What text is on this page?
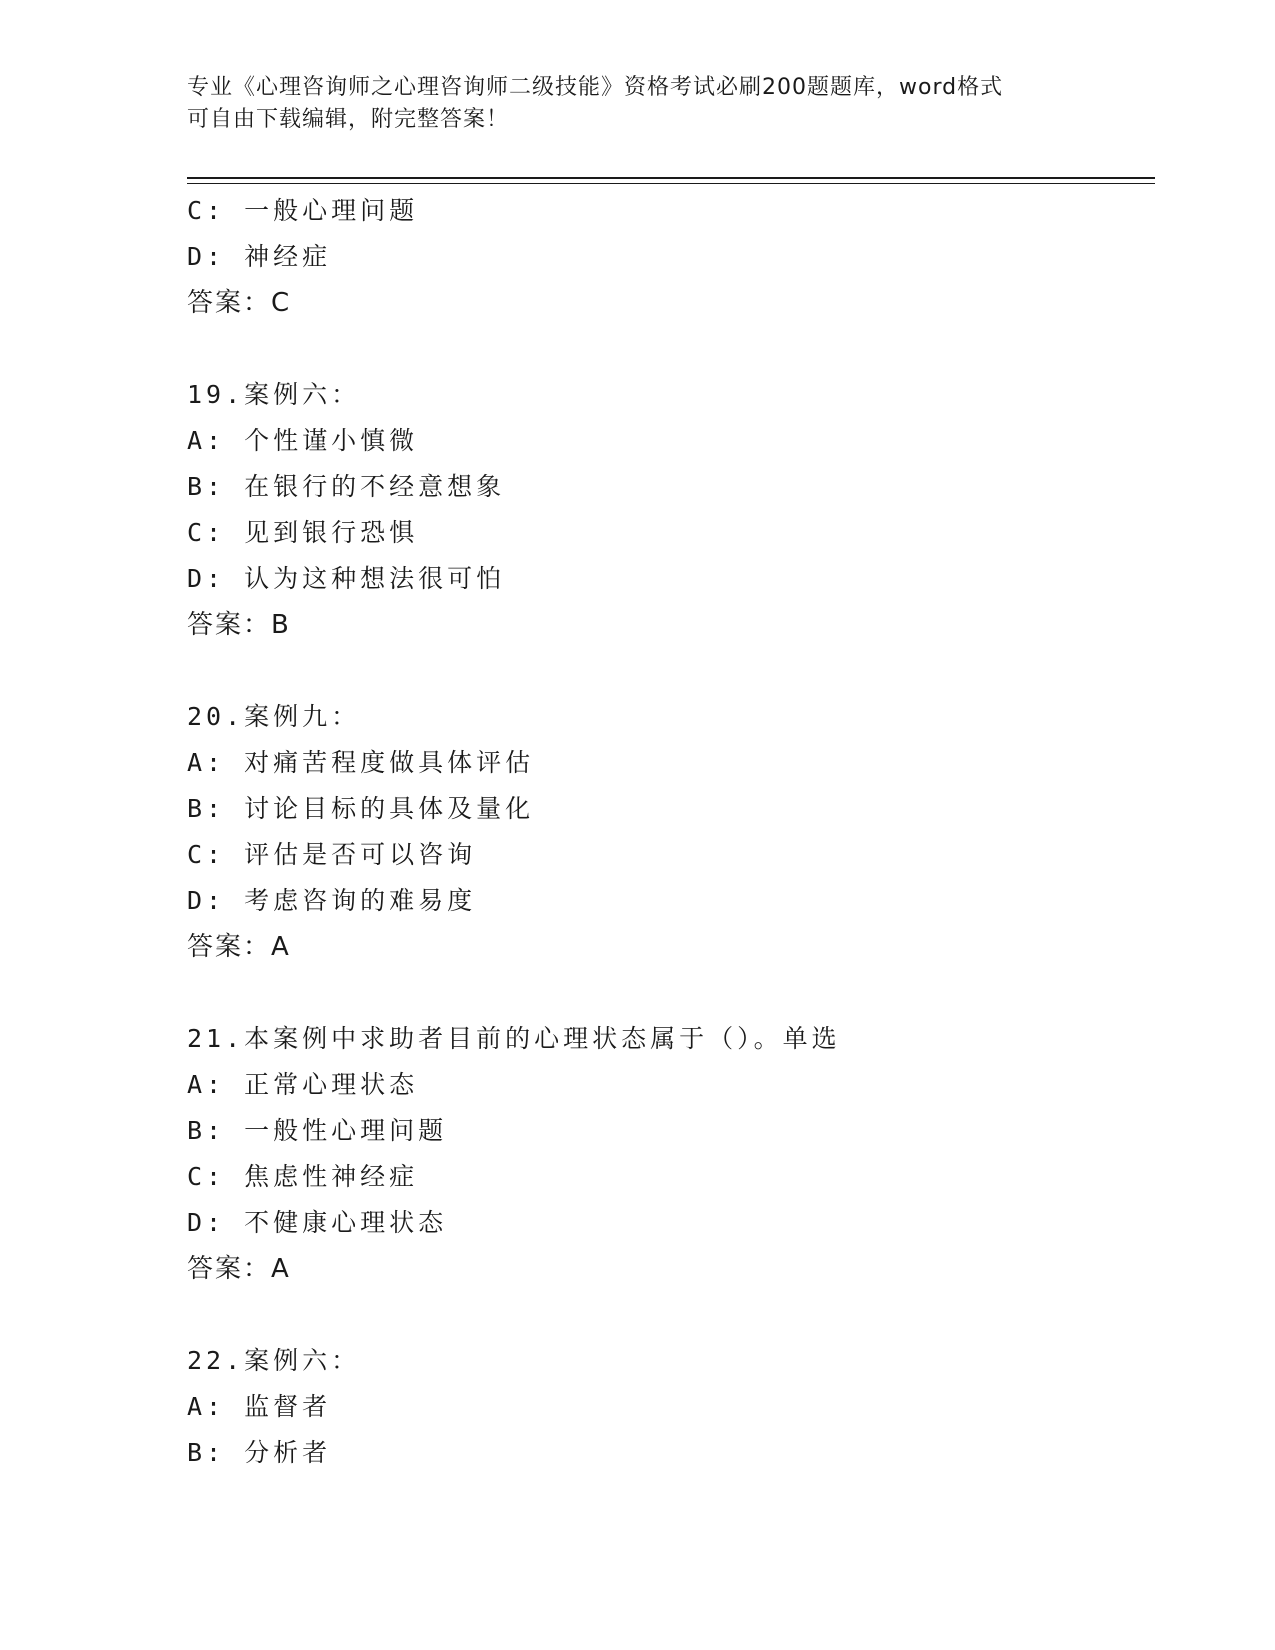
专业《心理咨询师之心理咨询师二级技能》资格考试必刷200题题库，word格式
可自由下载编辑，附完整答案！
C: 一般心理问题
D: 神经症
答案：C
19.案例六：
A: 个性谨小慎微
B: 在银行的不经意想象
C: 见到银行恐惧
D: 认为这种想法很可怕
答案：B
20.案例九：
A: 对痛苦程度做具体评估
B: 讨论目标的具体及量化
C: 评估是否可以咨询
D: 考虑咨询的难易度
答案：A
21.本案例中求助者目前的心理状态属于（）。单选
A: 正常心理状态
B: 一般性心理问题
C: 焦虑性神经症
D: 不健康心理状态
答案：A
22.案例六：
A: 监督者
B: 分析者
